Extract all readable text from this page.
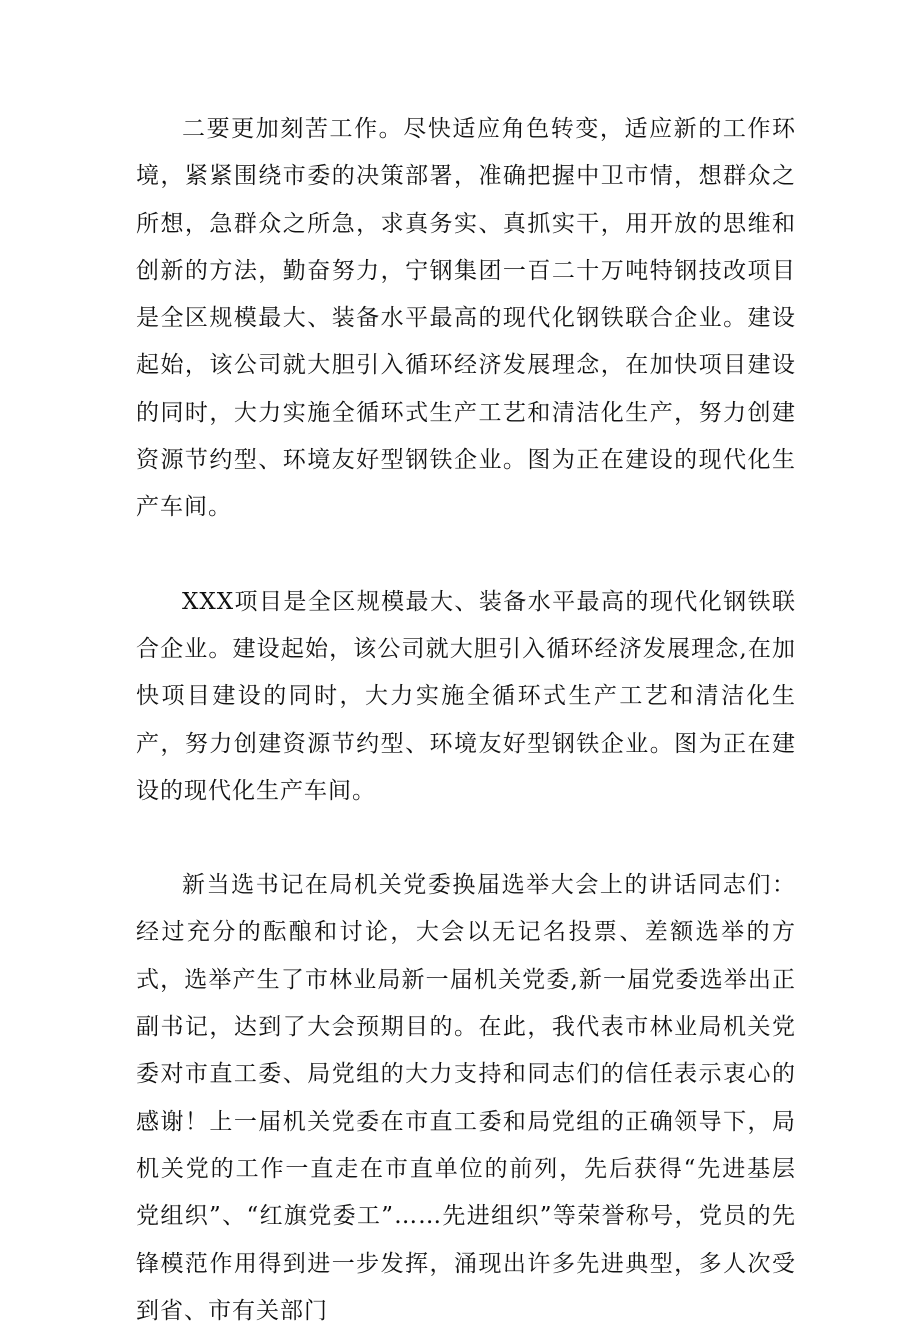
二要更加刻苦工作。尽快适应角色转变，适应新的工作环境，紧紧围绕市委的决策部署，准确把握中卫市情，想群众之所想，急群众之所急，求真务实、真抓实干，用开放的思维和创新的方法，勤奋努力，宁钢集团一百二十万吨特钢技改项目是全区规模最大、装备水平最高的现代化钢铁联合企业。建设起始，该公司就大胆引入循环经济发展理念，在加快项目建设的同时，大力实施全循环式生产工艺和清洁化生产，努力创建资源节约型、环境友好型钢铁企业。图为正在建设的现代化生产车间。

XXX项目是全区规模最大、装备水平最高的现代化钢铁联合企业。建设起始，该公司就大胆引入循环经济发展理念,在加快项目建设的同时，大力实施全循环式生产工艺和清洁化生产，努力创建资源节约型、环境友好型钢铁企业。图为正在建设的现代化生产车间。

新当选书记在局机关党委换届选举大会上的讲话同志们：经过充分的酝酿和讨论，大会以无记名投票、差额选举的方式，选举产生了市林业局新一届机关党委,新一届党委选举出正副书记，达到了大会预期目的。在此，我代表市林业局机关党委对市直工委、局党组的大力支持和同志们的信任表示衷心的感谢！上一届机关党委在市直工委和局党组的正确领导下，局机关党的工作一直走在市直单位的前列，先后获得“先进基层党组织”、“红旗党委工”……先进组织”等荣誉称号，党员的先锋模范作用得到进一步发挥，涌现出许多先进典型，多人次受到省、市有关部门
